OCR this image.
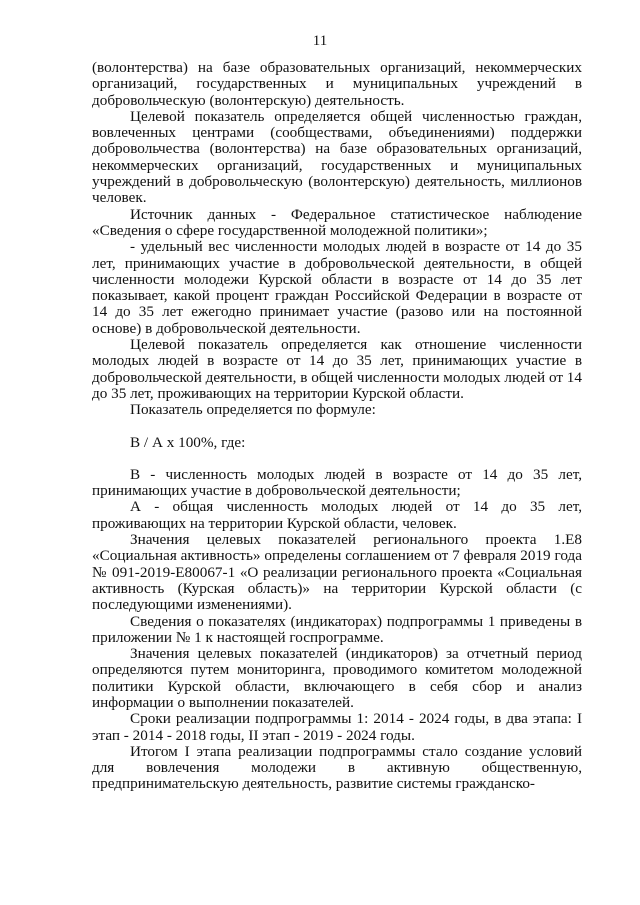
11

(волонтерства) на базе образовательных организаций, некоммерческих организаций, государственных и муниципальных учреждений в добровольческую (волонтерскую) деятельность.

Целевой показатель определяется общей численностью граждан, вовлеченных центрами (сообществами, объединениями) поддержки добровольчества (волонтерства) на базе образовательных организаций, некоммерческих организаций, государственных и муниципальных учреждений в добровольческую (волонтерскую) деятельность, миллионов человек.

Источник данных - Федеральное статистическое наблюдение «Сведения о сфере государственной молодежной политики»;

- удельный вес численности молодых людей в возрасте от 14 до 35 лет, принимающих участие в добровольческой деятельности, в общей численности молодежи Курской области в возрасте от 14 до 35 лет показывает, какой процент граждан Российской Федерации в возрасте от 14 до 35 лет ежегодно принимает участие (разово или на постоянной основе) в добровольческой деятельности.

Целевой показатель определяется как отношение численности молодых людей в возрасте от 14 до 35 лет, принимающих участие в добровольческой деятельности, в общей численности молодых людей от 14 до 35 лет, проживающих на территории Курской области.

Показатель определяется по формуле:

В / А х 100%, где:

В - численность молодых людей в возрасте от 14 до 35 лет, принимающих участие в добровольческой деятельности;

А - общая численность молодых людей от 14 до 35 лет, проживающих на территории Курской области, человек.

Значения целевых показателей регионального проекта 1.Е8 «Социальная активность» определены соглашением от 7 февраля 2019 года № 091-2019-Е80067-1 «О реализации регионального проекта «Социальная активность (Курская область)» на территории Курской области (с последующими изменениями).

Сведения о показателях (индикаторах) подпрограммы 1 приведены в приложении № 1 к настоящей госпрограмме.

Значения целевых показателей (индикаторов) за отчетный период определяются путем мониторинга, проводимого комитетом молодежной политики Курской области, включающего в себя сбор и анализ информации о выполнении показателей.

Сроки реализации подпрограммы 1: 2014 - 2024 годы, в два этапа: I этап - 2014 - 2018 годы, II этап - 2019 - 2024 годы.

Итогом I этапа реализации подпрограммы стало создание условий для вовлечения молодежи в активную общественную, предпринимательскую деятельность, развитие системы гражданско-
